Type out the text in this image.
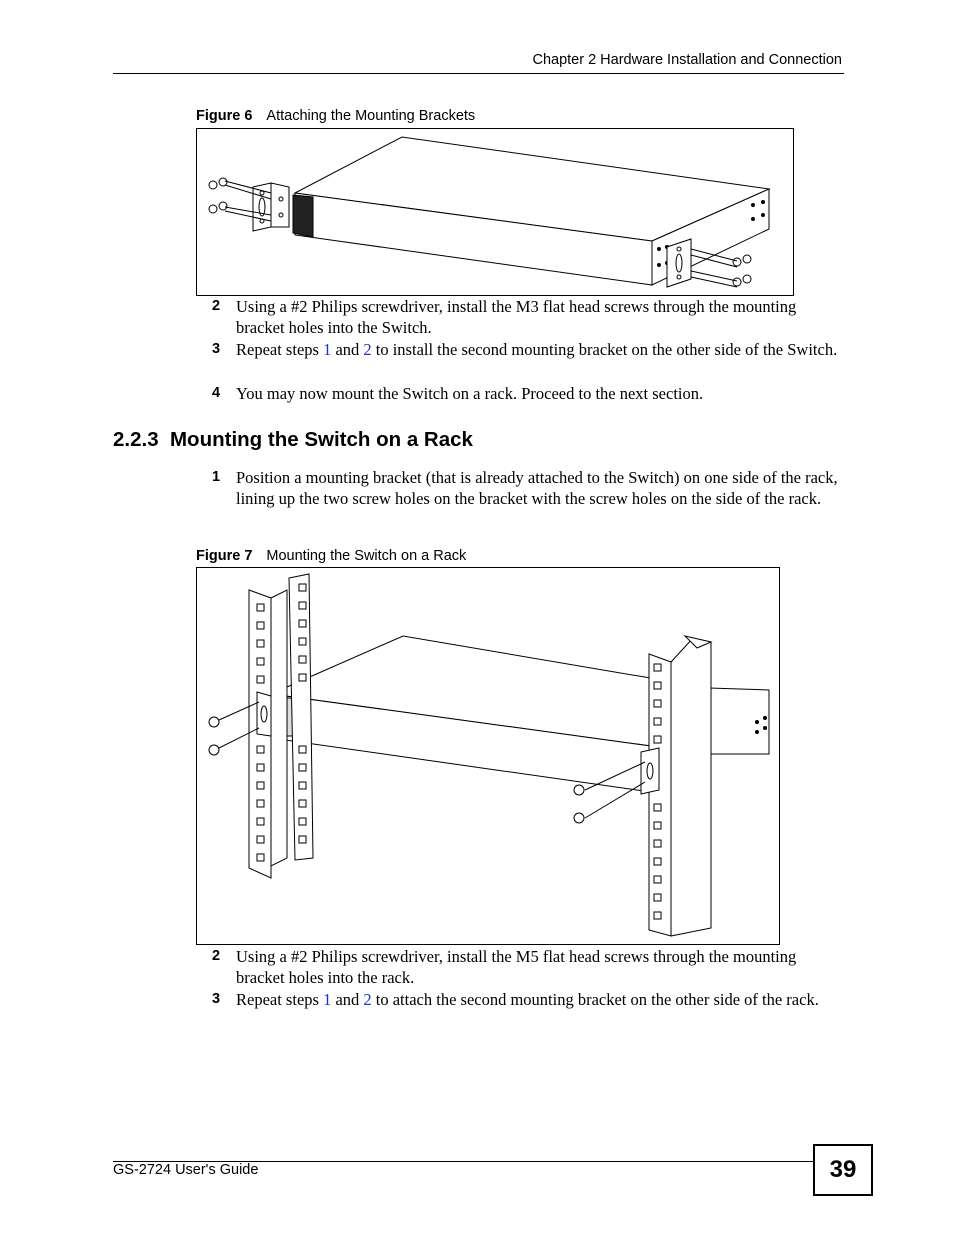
Chapter 2 Hardware Installation and Connection
Figure 6 Attaching the Mounting Brackets
2 Using a #2 Philips screwdriver, install the M3 flat head screws through the mounting bracket holes into the Switch.
3 Repeat steps 1 and 2 to install the second mounting bracket on the other side of the Switch.
4 You may now mount the Switch on a rack. Proceed to the next section.
2.2.3  Mounting the Switch on a Rack
1 Position a mounting bracket (that is already attached to the Switch) on one side of the rack, lining up the two screw holes on the bracket with the screw holes on the side of the rack.
Figure 7 Mounting the Switch on a Rack
2 Using a #2 Philips screwdriver, install the M5 flat head screws through the mounting bracket holes into the rack.
3 Repeat steps 1 and 2 to attach the second mounting bracket on the other side of the rack.
GS-2724 User's Guide	39
